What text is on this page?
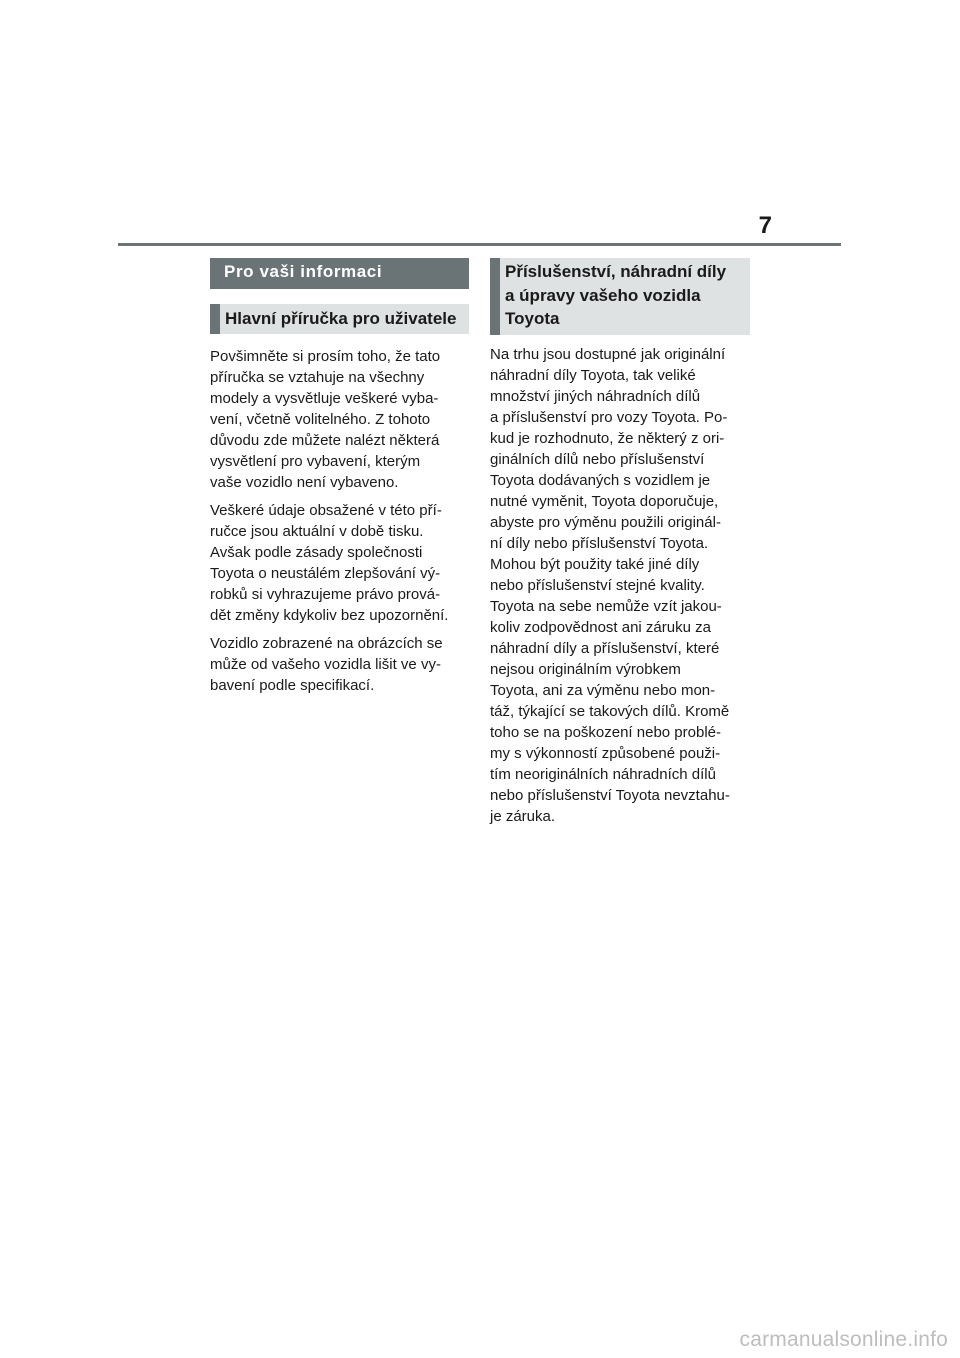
7
Pro vaši informaci
Hlavní příručka pro uživatele

Povšimněte si prosím toho, že tato
příručka se vztahuje na všechny
modely a vysvětluje veškeré vyba-
vení, včetně volitelného. Z tohoto
důvodu zde můžete nalézt některá
vysvětlení pro vybavení, kterým
vaše vozidlo není vybaveno.

Veškeré údaje obsažené v této pří-
ručce jsou aktuální v době tisku.
Avšak podle zásady společnosti
Toyota o neustálém zlepšování vý-
robků si vyhrazujeme právo prová-
dět změny kdykoliv bez upozornění.

Vozidlo zobrazené na obrázcích se
může od vašeho vozidla lišit ve vy-
bavení podle specifikací.

Příslušenství, náhradní díly
a úpravy vašeho vozidla
Toyota

Na trhu jsou dostupné jak originální
náhradní díly Toyota, tak veliké
množství jiných náhradních dílů
a příslušenství pro vozy Toyota. Po-
kud je rozhodnuto, že některý z ori-
ginálních dílů nebo příslušenství
Toyota dodávaných s vozidlem je
nutné vyměnit, Toyota doporučuje,
abyste pro výměnu použili originál-
ní díly nebo příslušenství Toyota.
Mohou být použity také jiné díly
nebo příslušenství stejné kvality.
Toyota na sebe nemůže vzít jakou-
koliv zodpovědnost ani záruku za
náhradní díly a příslušenství, které
nejsou originálním výrobkem
Toyota, ani za výměnu nebo mon-
táž, týkající se takových dílů. Kromě
toho se na poškození nebo problé-
my s výkonností způsobené použi-
tím neoriginálních náhradních dílů
nebo příslušenství Toyota nevztahu-
je záruka.

carmanualsonline.info
